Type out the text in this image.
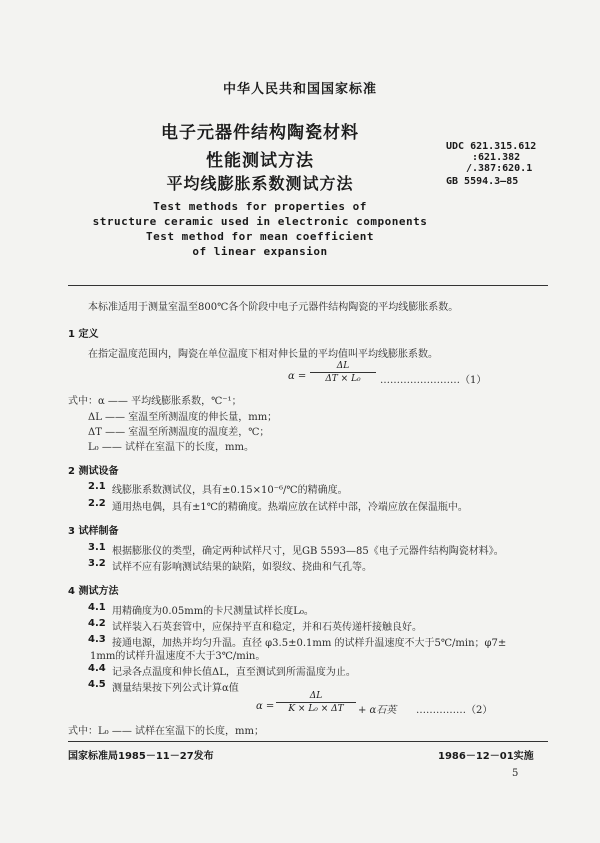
中华人民共和国国家标准
电子元器件结构陶瓷材料
性能测试方法
平均线膨胀系数测试方法
UDC 621.315.612
:621.382
/.387:620.1
GB 5594.3—85
Test methods for properties of
structure ceramic used in electronic components
Test method for mean coefficient
of linear expansion
本标准适用于测量室温至800℃各个阶段中电子元器件结构陶瓷的平均线膨胀系数。
1 定义
在指定温度范围内，陶瓷在单位温度下相对伸长量的平均值叫平均线膨胀系数。
$\alpha = \frac{\Delta L}{\text{ΔT × L₀}}$ ……………………（1）
式中：α —— 平均线膨胀系数，℃⁻¹；
ΔL —— 室温至所测温度的伸长量，mm；
ΔT —— 室温至所测温度的温度差，℃；
L₀ —— 试样在室温下的长度，mm。
2 测试设备
2.1 线膨胀系数测试仪，具有±0.15×10⁻⁶/℃的精确度。
2.2 通用热电偶，具有±1℃的精确度。热端应放在试样中部，冷端应放在保温瓶中。
3 试样制备
3.1 根据膨胀仪的类型，确定两种试样尺寸，见GB 5593—85《电子元器件结构陶瓷材料》。
3.2 试样不应有影响测试结果的缺陷，如裂纹、挠曲和气孔等。
4 测试方法
4.1 用精确度为0.05mm的卡尺测量试样长度L₀。
4.2 试样装入石英套管中，应保持平直和稳定，并和石英传递杆接触良好。
4.3 接通电源，加热并均匀升温。直径 φ3.5±0.1mm 的试样升温速度不大于5℃/min；φ7±
1mm的试样升温速度不大于3℃/min。
4.4 记录各点温度和伸长值ΔL，直至测试到所需温度为止。
4.5 测量结果按下列公式计算α值
$\alpha = \frac{\Delta L}{\text{K × L₀ × ΔT}} + \alpha$石英 ……………（2）
式中：L₀ —— 试样在室温下的长度，mm；
国家标准局1985－11－27发布	1986－12－01实施
5
